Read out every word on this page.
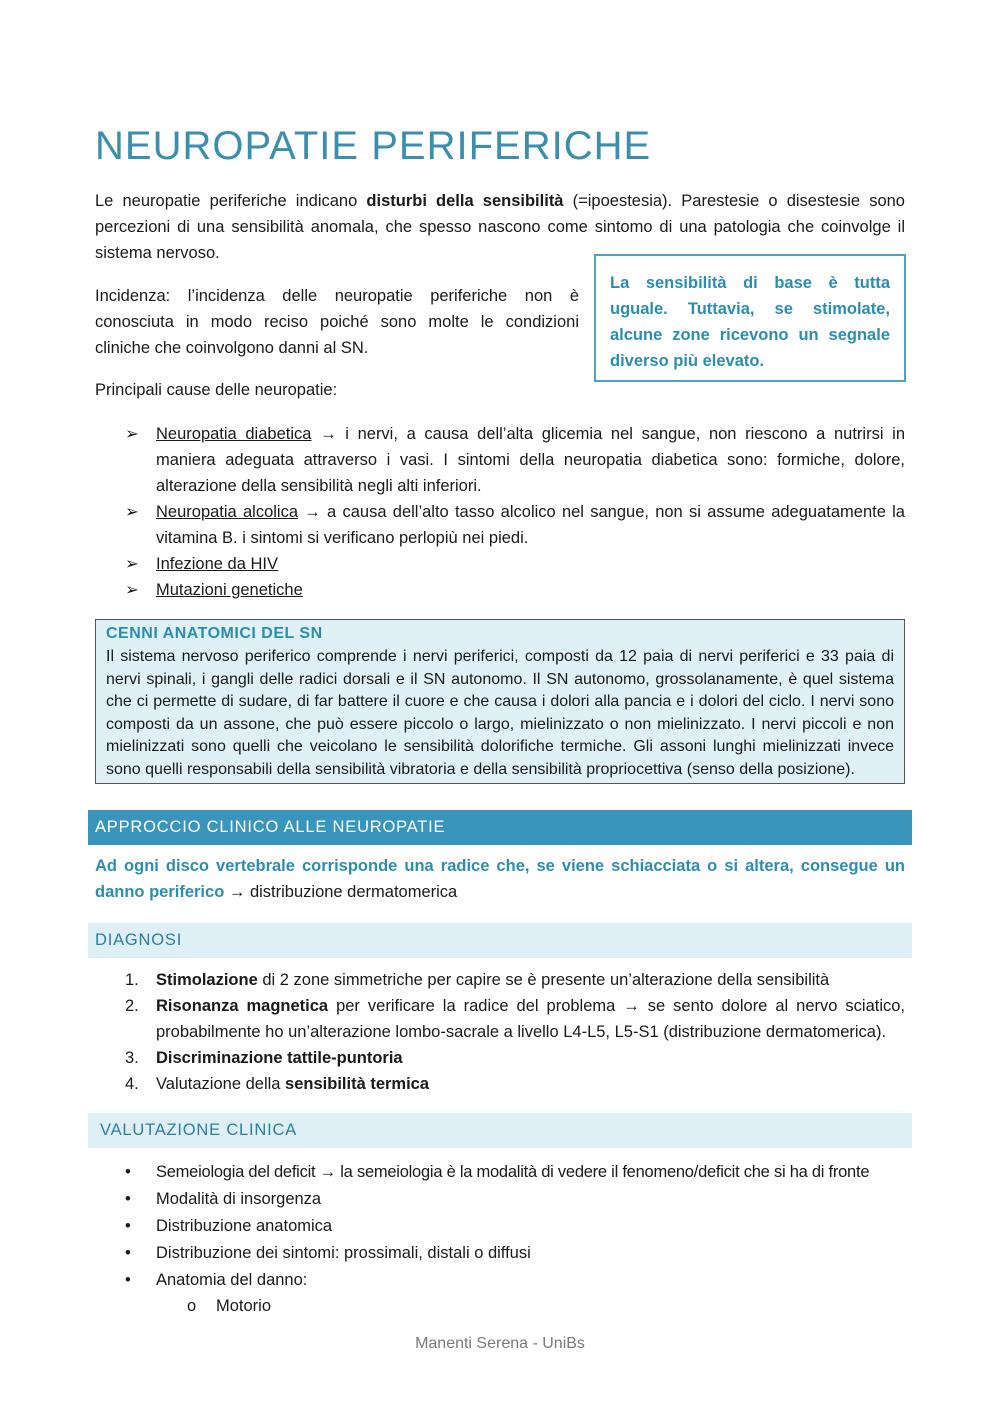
NEUROPATIE PERIFERICHE

Le neuropatie periferiche indicano disturbi della sensibilità (=ipoestesia). Parestesie o disestesie sono percezioni di una sensibilità anomala, che spesso nascono come sintomo di una patologia che coinvolge il sistema nervoso.

Incidenza: l’incidenza delle neuropatie periferiche non è conosciuta in modo reciso poiché sono molte le condizioni cliniche che coinvolgono danni al SN.

La sensibilità di base è tutta uguale. Tuttavia, se stimolate, alcune zone ricevono un segnale diverso più elevato.

Principali cause delle neuropatie:

➢ Neuropatia diabetica → i nervi, a causa dell’alta glicemia nel sangue, non riescono a nutrirsi in maniera adeguata attraverso i vasi. I sintomi della neuropatia diabetica sono: formiche, dolore, alterazione della sensibilità negli alti inferiori.
➢ Neuropatia alcolica → a causa dell’alto tasso alcolico nel sangue, non si assume adeguatamente la vitamina B. i sintomi si verificano perlopiù nei piedi.
➢ Infezione da HIV
➢ Mutazioni genetiche
CENNI ANATOMICI DEL SN

Il sistema nervoso periferico comprende i nervi periferici, composti da 12 paia di nervi periferici e 33 paia di nervi spinali, i gangli delle radici dorsali e il SN autonomo. Il SN autonomo, grossolanamente, è quel sistema che ci permette di sudare, di far battere il cuore e che causa i dolori alla pancia e i dolori del ciclo. I nervi sono composti da un assone, che può essere piccolo o largo, mielinizzato o non mielinizzato. I nervi piccoli e non mielinizzati sono quelli che veicolano le sensibilità dolorifiche termiche. Gli assoni lunghi mielinizzati invece sono quelli responsabili della sensibilità vibratoria e della sensibilità propriocettiva (senso della posizione).

APPROCCIO CLINICO ALLE NEUROPATIE

Ad ogni disco vertebrale corrisponde una radice che, se viene schiacciata o si altera, consegue un danno periferico → distribuzione dermatomerica

DIAGNOSI
1. Stimolazione di 2 zone simmetriche per capire se è presente un’alterazione della sensibilità
2. Risonanza magnetica per verificare la radice del problema → se sento dolore al nervo sciatico, probabilmente ho un’alterazione lombo-sacrale a livello L4-L5, L5-S1 (distribuzione dermatomerica).
3. Discriminazione tattile-puntoria
4. Valutazione della sensibilità termica
VALUTAZIONE CLINICA
• Semeiologia del deficit → la semeiologia è la modalità di vedere il fenomeno/deficit che si ha di fronte
• Modalità di insorgenza
• Distribuzione anatomica
• Distribuzione dei sintomi: prossimali, distali o diffusi
• Anatomia del danno:
o Motorio
Manenti Serena - UniBs
